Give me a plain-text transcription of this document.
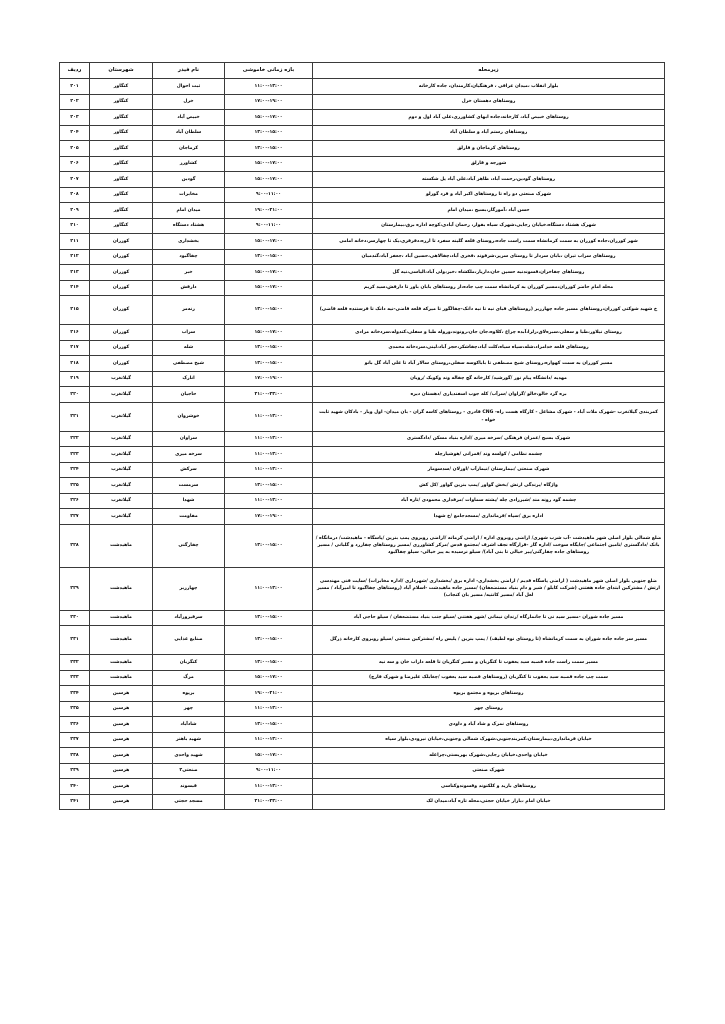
زیرمحله	بازه زمانی خاموشی	نام فیدر	شهرستان	ردیف
بلوار انقلاب ،میدان عرافی ، فرهنگیان،کارمندان، جاده کارخانه	۱۱:۰۰-۱۳:۰۰	ثبت احوال	کنگاور	۲۰۱
روستاهای دهستان خزل	۱۷:۰۰-۱۹:۰۰	خزل	کنگاور	۲۰۲
روستاهای خبیص آباد، کارخانه،جاده ابهای کشاورزی،علی آباد اول و دوم	۱۵:۰۰-۱۷:۰۰	خبیص آباد	کنگاور	۲۰۳
روستاهای رستم آباد و سلطان آباد	۱۳:۰۰-۱۵:۰۰	سلطان آباد	کنگاور	۲۰۴
روستاهای کرماجان و قارلق	۱۳:۰۰-۱۵:۰۰	کرماجان	کنگاور	۲۰۵
شورجه و قارلق	۱۵:۰۰-۱۷:۰۰	کشاورز	کنگاور	۲۰۶
روستاهای گودین،رحمت آباد، ظاهر آباد،علی آباد پل شکسته	۱۵:۰۰-۱۷:۰۰	گودین	کنگاور	۲۰۷
شهرک صنعتی دو راه تا روستاهای اکبر آباد و فرد گوزلو	۹:۰۰-۱۱:۰۰	مخابرات	کنگاور	۲۰۸
حسن آباد ،آموزگار،بسیج ،میدان امام	۱۹:۰۰-۲۱:۰۰	میدان امام	کنگاور	۲۰۹
شهرک هشتاد دستگاه،خیابان رجایی،شهرک سیاه بقوار، رحمان آبادی،کوچه اداره برق،بیمارستان	۹:۰۰-۱۱:۰۰	هشتاد دستگاه	کنگاور	۲۱۰
شهر کوزران،جاده کوزران به سمت کرمانشاه سمت راست جاده،روستای قلعه گلینه سفرد تا ارزه،دفرفری،یک تا چهارسر،دخانه امامی	۱۵:۰۰-۱۷:۰۰	بخشداری	کوزران	۲۱۱
روستاهای سراب تیران ،بابان سردار تا روستای سرپر،شرفوند ،فخری آباد،چقالاهی،حسین آباد ،جعفر آباد،گندمبان	۱۳:۰۰-۱۵:۰۰	چقاگبود	کوزران	۲۱۲
روستاهای چقاخزان،قسوندنیه حسین خان،داریار،ملکشاه ،خبر،ولی آباد،الیاسی،نیه گل	۱۵:۰۰-۱۷:۰۰	خبر	کوزران	۲۱۳
محله امام حاضر کوزران،مسیر کوزران به کرمانشاه سمت چپ جاده،از روستاهای بابان باور تا دارفش،سید کریم	۱۵:۰۰-۱۷:۰۰	دارفش	کوزران	۲۱۴
خ شهید شوکتی کوزران،روستاهای مسیر جاده چهارزبر (روستاهای قبای نیه تا نیه دانک-چقالگوز تا میرکه قلعه قاضی-نیه دانک تا فرستنده قلعه قاضی)	۱۳:۰۰-۱۵:۰۰	زنه‌مر	کوزران	۲۱۵
روستای نیلاور،طبا و سفلی،سبزه‌لاق،زلزا،آبده چراغ ،کلاوه،جان جان،رونوند،وروله طبا و سفلی،کندوله،سردخانه مرادی	۱۵:۰۰-۱۷:۰۰	سراب	کوزران	۲۱۶
روستاهای قلعه خدامراد،شله،سیاه سیاه،کلت آباد،چقاشکر،حجر آباد،لینی،سردخانه محمدی	۱۳:۰۰-۱۵:۰۰	شله	کوزران	۲۱۷
مسیر کوزران به سمت کهواره،روستای شیخ مصطفی تا باباکوسه سفلی،روستای سالار آباد تا علی آباد گل بانو	۱۳:۰۰-۱۵:۰۰	شیخ مصطفی	کوزران	۲۱۸
مهدیه /دانشگاه پیام نور /گورشید/ کارخانه گچ چقاله وند وکویک /رویان	۱۷:۰۰-۱۹:۰۰	انارک	گیلانغرب	۲۱۹
بره گرد خالو،خالو /گراوان /سرآب/ کله جوب اسفندیاری /دهستان دیره	۲۱:۰۰-۲۳:۰۰	حاجیان	گیلانغرب	۲۲۰
کمربندی گیلانغرب -شهرک ملات آباد - شهرک مشاغل - کارگاه هست راه- CNG قادری - روستاهای کاسه گران - بان میدان- اول ویار - بادکان شهید ثابت خواه -	۱۱:۰۰-۱۳:۰۰	خوشروان	گیلانغرب	۲۲۱
شهرک بسیج /عمران فرهنگی /سرخه میری /اداره بنیاد مسکن /دادگستری	۱۱:۰۰-۱۳:۰۰	سراوان	گیلانغرب	۲۲۲
چشمه نظامی / کولسه وند /قمرانی /هوشیارچله	۱۱:۰۰-۱۳:۰۰	سرخه میری	گیلانغرب	۲۲۳
شهرک صنعتی /بیمارستان /نیمازآب /اوزلان /سدسومار	۱۱:۰۰-۱۳:۰۰	سرکش	گیلانغرب	۲۲۴
واژگاه /یزندگی ارتش /بخش گواور /پمپ بنزین گواور /کل کش	۱۳:۰۰-۱۵:۰۰	سرمست	گیلانغرب	۲۲۵
چشمه گود رونه مند /شیرزادی چله /پشته سماوات /مرفداری محمودی /تازه آباد	۱۱:۰۰-۱۳:۰۰	شهدا	گیلانغرب	۲۲۶
اداره برق /سپاه /فرمانداری /مسجدجامع /خ شهدا	۱۷:۰۰-۱۹:۰۰	مقاومت	گیلانغرب	۲۲۷
ضلع شمالی بلوار اصلی شهر ماهیدشت -آب شرب شهری/ اراضی روبروی اداره / اراضی کرمانه /اراضی روبروی پمپ بنزین /پاسگاه - ماهیدشت/ درمانگاه /بانک /دادگستری /تامین اجتماعی /جایگاه سوخت /اداره گاز -قرارگاه نجف اشرف /مجتمع قدس /مرکز کشاورزی /مسیر روستاهای چقازرد و گلبانی / مسیر روستاهای جاده چقارگنی/پیر خیالی تا بنی آباد)/ سیلو نرسیده به پیر خیالی- سیلو چقاگبود	۱۳:۰۰-۱۵:۰۰	چقارگنی	ماهیدشت	۲۲۸
ضلع جنوبی بلوار اصلی شهر ماهیدشت ( اراضی پاسگاه قدیم / اراضی بخشداری- اداره برق /بخشداری /شهرداری /اداره مخابرات) /سایت فنی مهندسی ارتش / مشترکین ابتدای جاده هفتنی (شرکت کابلو / شیر و دام بنیاد مستضعفان) /مسیر جاده ماهیدشت -اسلام آباد (روستاهای چقاگبود تا امیرآباد / مسیر لعل آباد /مسیر کانتیه/ مسیر بان کنجاب)	۱۱:۰۰-۱۳:۰۰	چهارزبر	ماهیدشت	۲۲۹
مسیر جاده شوران -مسیر سید نی تا جانمارگاه /زندان نیمانی /شهر هفتنی /سیلو جنب بنیاد مستضعفان / سیلو حاجی آباد	۱۳:۰۰-۱۵:۰۰	سرفیروزآباد	ماهیدشت	۲۳۰
مسیر سر جاده جاده شوران به سمت کرمانشاه (تا روستای نوه لطیف) / پمپ بنزین / پلیس راه /مشترکین صنعتی /سیلو روبروی کارخانه ذرگل	۱۳:۰۰-۱۵:۰۰	صنایع غذایی	ماهیدشت	۲۳۱
مسیر سمت راست جاده قصبه سید یعقوب تا کنگربان و مسیر کنگربان تا قلعه داراب خان و سه نیه	۱۳:۰۰-۱۵:۰۰	کنگربان	ماهیدشت	۲۳۲
سمت چپ جاده قصبه سید یعقوب تا کنگربان (روستاهای قصبه سید یعقوب /چغابلک علیرضا و شهرک فارچ)	۱۵:۰۰-۱۷:۰۰	مرگ	ماهیدشت	۲۳۳
روستاهای برپوه و مجتمع برپوه	۱۹:۰۰-۲۱:۰۰	برپوه	هرسین	۲۳۴
روستای چهر	۱۱:۰۰-۱۳:۰۰	چهر	هرسین	۲۳۵
روستاهای نمرک و شاد آباد و داودی	۱۳:۰۰-۱۵:۰۰	شادآباد	هرسین	۲۳۶
خیابان فرمانداری،بیمارستان،کمربندجنوبی،شهرک شمالی وجنوبی،خیابان نیرودی،بلوار سپاه	۱۱:۰۰-۱۳:۰۰	شهید باهنر	هرسین	۲۳۷
خیابان واحدی،خیابان رجایی،شهرک بهزیستی،چراغله	۱۵:۰۰-۱۷:۰۰	شهید واحدی	هرسین	۲۳۸
شهرک صنعتی	۹:۰۰-۱۱:۰۰	صنعتی۲	هرسین	۲۳۹
روستاهای بازید و کلکنوند وقسوندوکناسی	۱۱:۰۰-۱۳:۰۰	قبسوند	هرسین	۲۴۰
خیابان امام ،بازار خیابان حجتی،محله تازه آباد،میدان لک	۲۱:۰۰-۲۳:۰۰	مسجد حجتی	هرسین	۲۴۱
